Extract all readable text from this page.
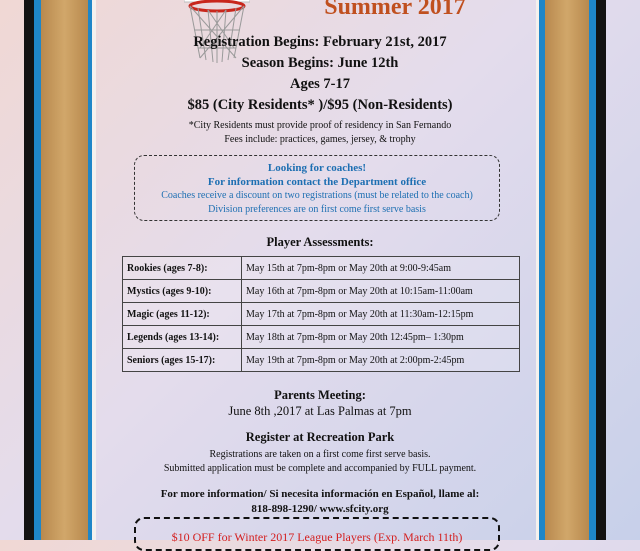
Summer 2017

Registration Begins: February 21st, 2017

Season Begins: June 12th

Ages 7-17

$85 (City Residents* )/$95 (Non-Residents)

*City Residents must provide proof of residency in San Fernando

Fees include: practices, games, jersey, & trophy

Looking for coaches!

For information contact the Department office

Coaches receive a discount on two registrations (must be related to the coach)

Division preferences are on first come first serve basis

Player Assessments:

Rookies (ages 7-8):	May 15th at 7pm-8pm or May 20th at 9:00-9:45am
Mystics (ages 9-10):	May 16th at 7pm-8pm or May 20th at 10:15am-11:00am
Magic (ages 11-12):	May 17th at 7pm-8pm or May 20th at 11:30am-12:15pm
Legends (ages 13-14):	May 18th at 7pm-8pm or May 20th 12:45pm– 1:30pm
Seniors (ages 15-17):	May 19th at 7pm-8pm or May 20th at 2:00pm-2:45pm

Parents Meeting:

June 8th ,2017 at Las Palmas at 7pm

Register at Recreation Park

Registrations are taken on a first come first serve basis.

Submitted application must be complete and accompanied by FULL payment.

For more information/ Si necesita información en Español, llame al:

818-898-1290/ www.sfcity.org

$10 OFF for Winter 2017 League Players (Exp. March 11th)
